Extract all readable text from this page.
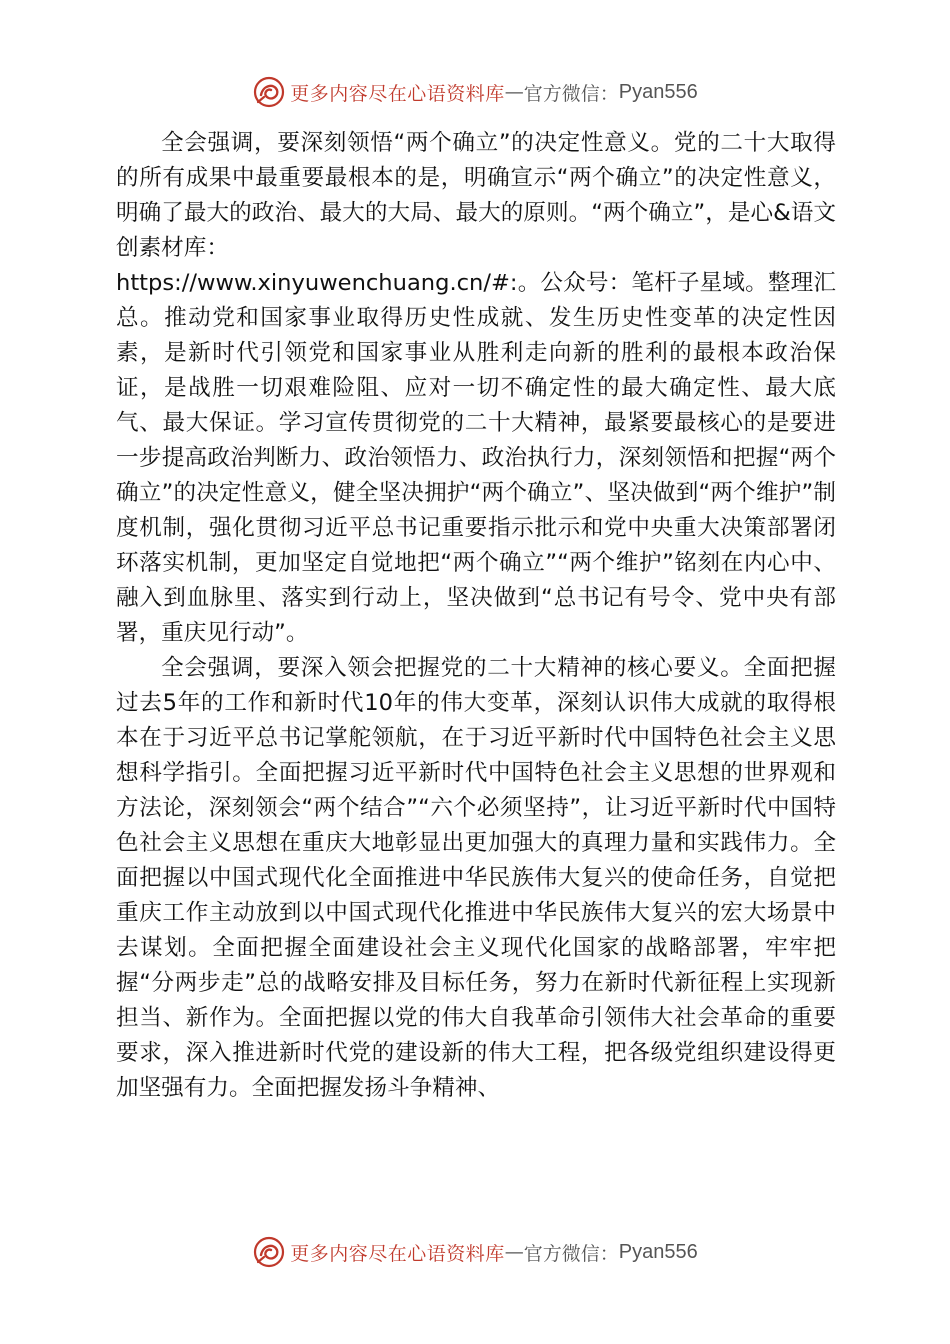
更多内容尽在心语资料库 — 官方微信： Pyan556

全会强调，要深刻领悟“两个确立”的决定性意义。党的二十大取得的所有成果中最重要最根本的是，明确宣示“两个确立”的决定性意义，明确了最大的政治、最大的大局、最大的原则。“两个确立”，是心&语文创素材库：

https://www.xinyuwenchuang.cn/#:。公众号：笔杆子星域。整理汇总。推动党和国家事业取得历史性成就、发生历史性变革的决定性因素，是新时代引领党和国家事业从胜利走向新的胜利的最根本政治保证，是战胜一切艰难险阻、应对一切不确定性的最大确定性、最大底气、最大保证。学习宣传贯彻党的二十大精神，最紧要最核心的是要进一步提高政治判断力、政治领悟力、政治执行力，深刻领悟和把握“两个确立”的决定性意义，健全坚决拥护“两个确立”、坚决做到“两个维护”制度机制，强化贯彻习近平总书记重要指示批示和党中央重大决策部署闭环落实机制，更加坚定自觉地把“两个确立”“两个维护”铭刻在内心中、融入到血脉里、落实到行动上，坚决做到“总书记有号令、党中央有部署，重庆见行动”。

全会强调，要深入领会把握党的二十大精神的核心要义。全面把握过去5年的工作和新时代10年的伟大变革，深刻认识伟大成就的取得根本在于习近平总书记掌舵领航，在于习近平新时代中国特色社会主义思想科学指引。全面把握习近平新时代中国特色社会主义思想的世界观和方法论，深刻领会“两个结合”“六个必须坚持”，让习近平新时代中国特色社会主义思想在重庆大地彰显出更加强大的真理力量和实践伟力。全面把握以中国式现代化全面推进中华民族伟大复兴的使命任务，自觉把重庆工作主动放到以中国式现代化推进中华民族伟大复兴的宏大场景中去谋划。全面把握全面建设社会主义现代化国家的战略部署，牢牢把握“分两步走”总的战略安排及目标任务，努力在新时代新征程上实现新担当、新作为。全面把握以党的伟大自我革命引领伟大社会革命的重要要求，深入推进新时代党的建设新的伟大工程，把各级党组织建设得更加坚强有力。全面把握发扬斗争精神、

更多内容尽在心语资料库 — 官方微信： Pyan556
